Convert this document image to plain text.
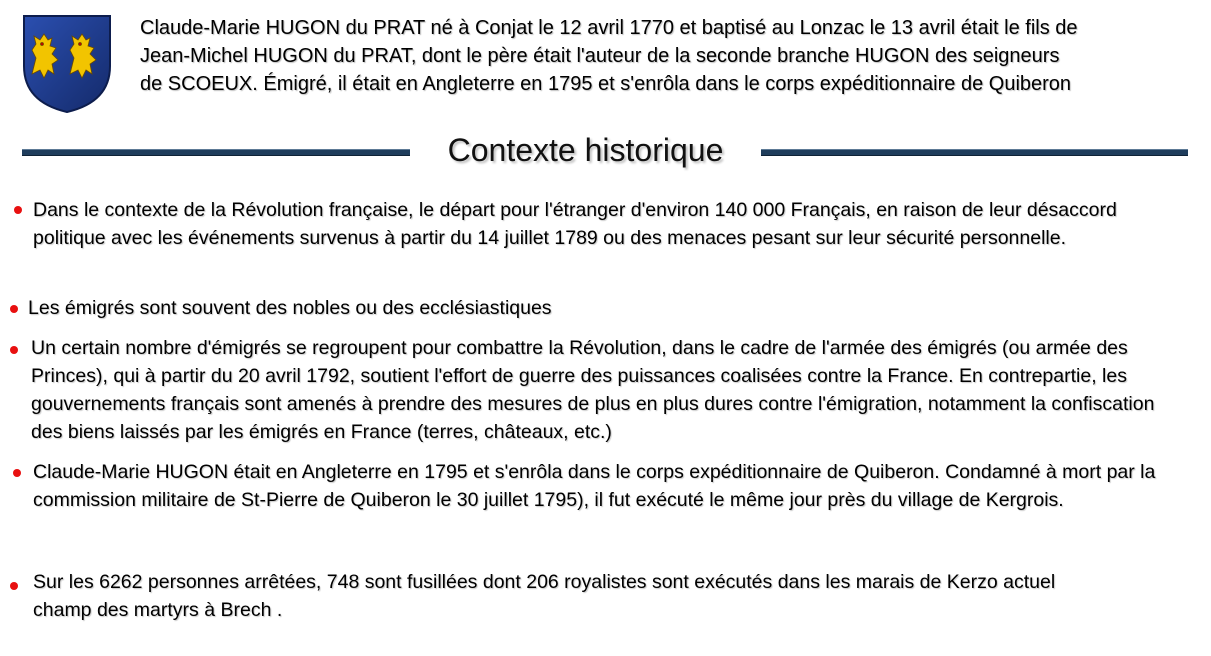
Claude-Marie HUGON du PRAT né à Conjat le 12 avril 1770 et baptisé au Lonzac le 13 avril était le fils de
Jean-Michel HUGON du PRAT, dont le père était l'auteur de la seconde branche HUGON des seigneurs
de SCOEUX. Émigré, il était en Angleterre en 1795 et s'enrôla dans le corps expéditionnaire de Quiberon
Contexte historique
Dans le contexte de la Révolution française, le départ pour l'étranger d'environ 140 000 Français, en raison de leur désaccord politique avec les événements survenus à partir du 14 juillet 1789 ou des menaces pesant sur leur sécurité personnelle.
Les émigrés sont souvent des nobles ou des ecclésiastiques
Un certain nombre d'émigrés se regroupent pour combattre la Révolution, dans le cadre de l'armée des émigrés (ou armée des Princes), qui à partir du 20 avril 1792, soutient l'effort de guerre des puissances coalisées contre la France. En contrepartie, les gouvernements français sont amenés à prendre des mesures de plus en plus dures contre l'émigration, notamment la confiscation des biens laissés par les émigrés en France (terres, châteaux, etc.)
Claude-Marie HUGON était en Angleterre en 1795 et s'enrôla dans le corps expéditionnaire de Quiberon. Condamné à mort par la commission militaire de St-Pierre de Quiberon le 30 juillet 1795), il fut exécuté le même jour près du village de Kergrois.
Sur les 6262 personnes arrêtées, 748 sont fusillées dont 206 royalistes sont exécutés dans les marais de Kerzo actuel champ des martyrs à Brech .
